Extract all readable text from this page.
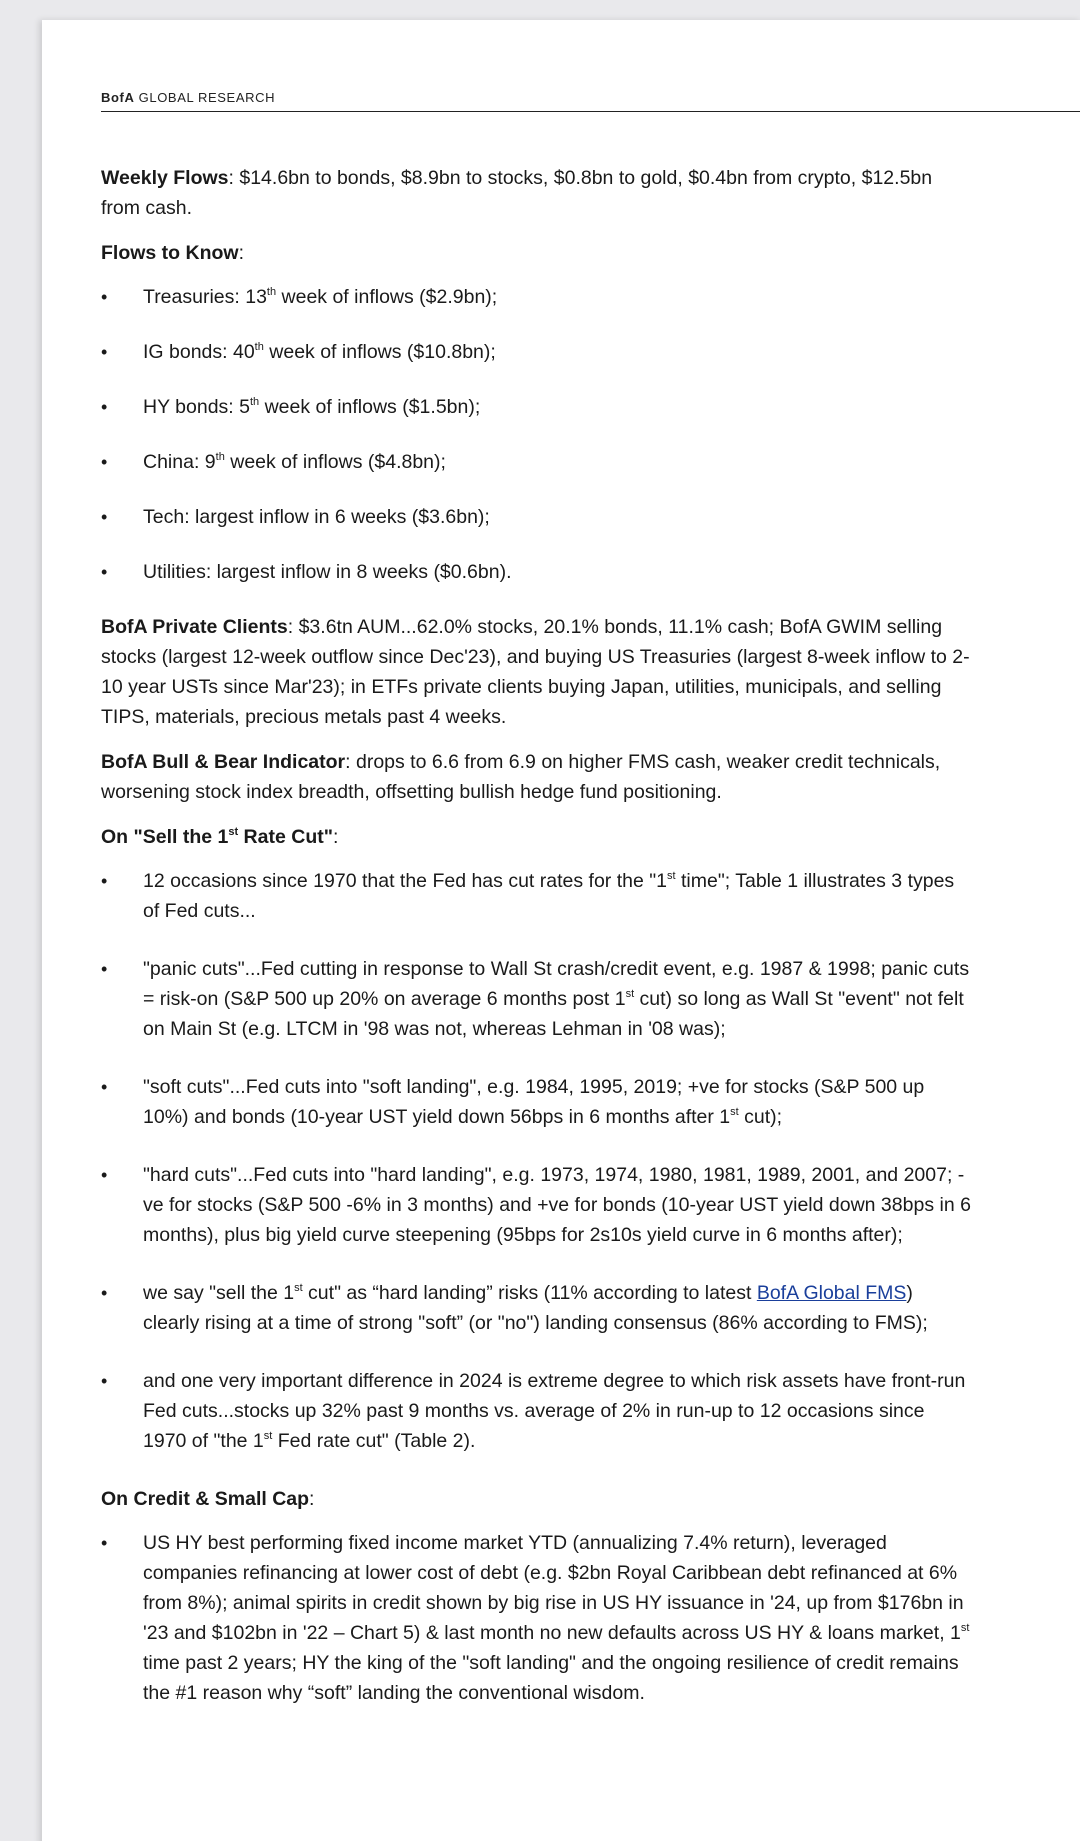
BofA GLOBAL RESEARCH

Weekly Flows: $14.6bn to bonds, $8.9bn to stocks, $0.8bn to gold, $0.4bn from crypto, $12.5bn from cash.

Flows to Know:

• Treasuries: 13th week of inflows ($2.9bn);
• IG bonds: 40th week of inflows ($10.8bn);
• HY bonds: 5th week of inflows ($1.5bn);
• China: 9th week of inflows ($4.8bn);
• Tech: largest inflow in 6 weeks ($3.6bn);
• Utilities: largest inflow in 8 weeks ($0.6bn).

BofA Private Clients: $3.6tn AUM...62.0% stocks, 20.1% bonds, 11.1% cash; BofA GWIM selling stocks (largest 12-week outflow since Dec'23), and buying US Treasuries (largest 8-week inflow to 2-10 year USTs since Mar'23); in ETFs private clients buying Japan, utilities, municipals, and selling TIPS, materials, precious metals past 4 weeks.

BofA Bull & Bear Indicator: drops to 6.6 from 6.9 on higher FMS cash, weaker credit technicals, worsening stock index breadth, offsetting bullish hedge fund positioning.

On "Sell the 1st Rate Cut":

• 12 occasions since 1970 that the Fed has cut rates for the "1st time"; Table 1 illustrates 3 types of Fed cuts...
• "panic cuts"...Fed cutting in response to Wall St crash/credit event, e.g. 1987 & 1998; panic cuts = risk-on (S&P 500 up 20% on average 6 months post 1st cut) so long as Wall St "event" not felt on Main St (e.g. LTCM in '98 was not, whereas Lehman in '08 was);
• "soft cuts"...Fed cuts into "soft landing", e.g. 1984, 1995, 2019; +ve for stocks (S&P 500 up 10%) and bonds (10-year UST yield down 56bps in 6 months after 1st cut);
• "hard cuts"...Fed cuts into "hard landing", e.g. 1973, 1974, 1980, 1981, 1989, 2001, and 2007; -ve for stocks (S&P 500 -6% in 3 months) and +ve for bonds (10-year UST yield down 38bps in 6 months), plus big yield curve steepening (95bps for 2s10s yield curve in 6 months after);
• we say "sell the 1st cut" as “hard landing” risks (11% according to latest BofA Global FMS) clearly rising at a time of strong "soft” (or "no") landing consensus (86% according to FMS);
• and one very important difference in 2024 is extreme degree to which risk assets have front-run Fed cuts...stocks up 32% past 9 months vs. average of 2% in run-up to 12 occasions since 1970 of "the 1st Fed rate cut" (Table 2).

On Credit & Small Cap:

• US HY best performing fixed income market YTD (annualizing 7.4% return), leveraged companies refinancing at lower cost of debt (e.g. $2bn Royal Caribbean debt refinanced at 6% from 8%); animal spirits in credit shown by big rise in US HY issuance in '24, up from $176bn in '23 and $102bn in '22 – Chart 5) & last month no new defaults across US HY & loans market, 1st time past 2 years; HY the king of the "soft landing" and the ongoing resilience of credit remains the #1 reason why “soft” landing the conventional wisdom.
